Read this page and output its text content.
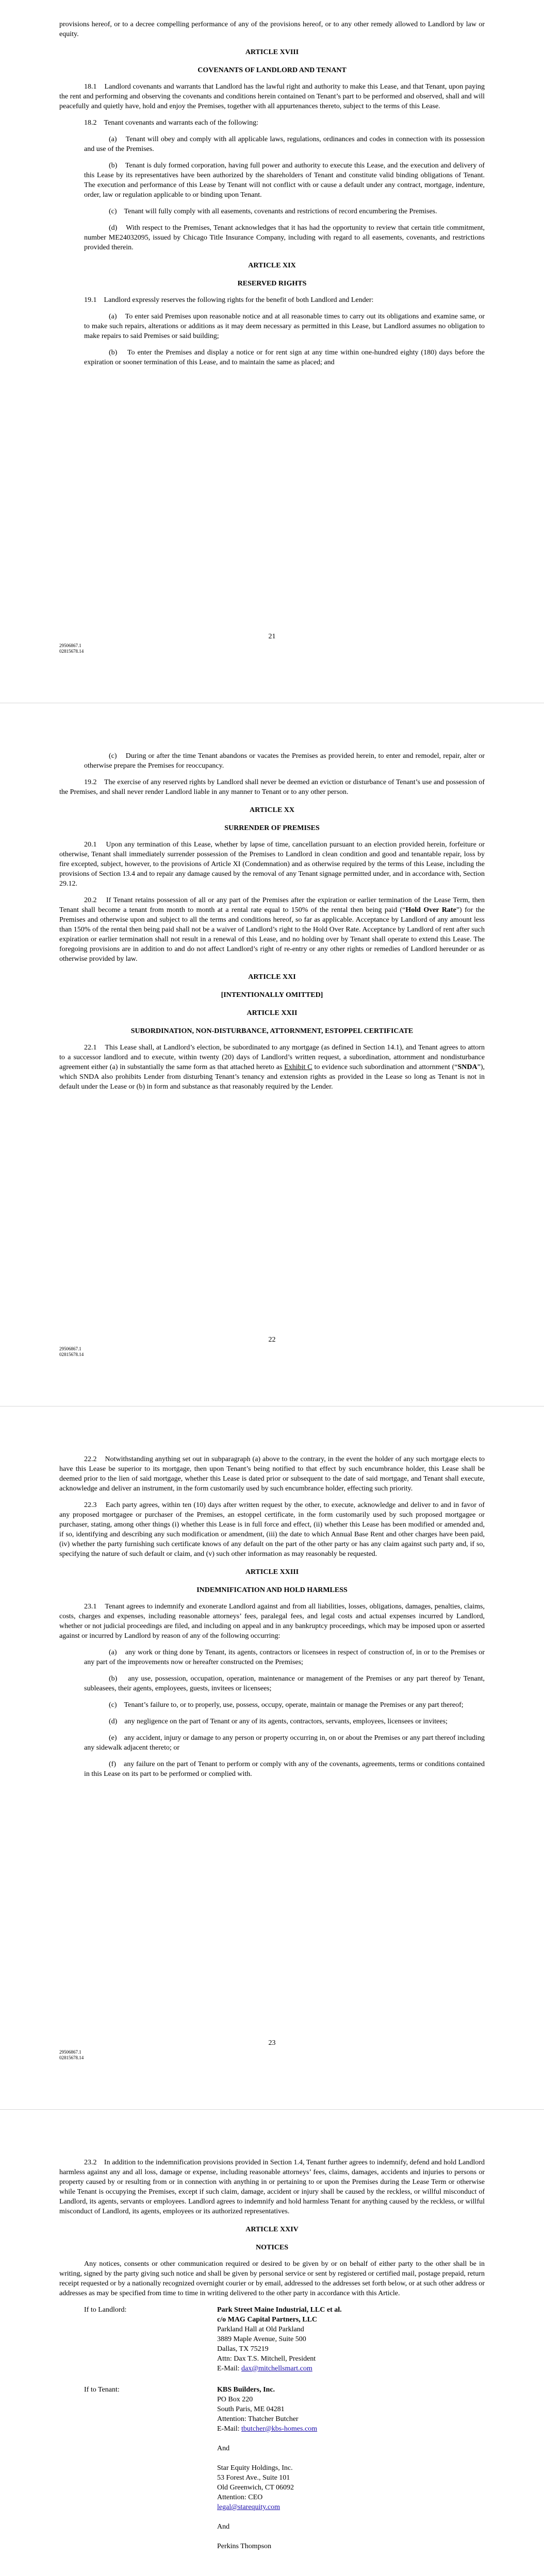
provisions hereof, or to a decree compelling performance of any of the provisions hereof, or to any other remedy allowed to Landlord by law or equity.

ARTICLE XVIII

COVENANTS OF LANDLORD AND TENANT

18.1    Landlord covenants and warrants that Landlord has the lawful right and authority to make this Lease, and that Tenant, upon paying the rent and performing and observing the covenants and conditions herein contained on Tenant’s part to be performed and observed, shall and will peacefully and quietly have, hold and enjoy the Premises, together with all appurtenances thereto, subject to the terms of this Lease.

18.2    Tenant covenants and warrants each of the following:

(a)    Tenant will obey and comply with all applicable laws, regulations, ordinances and codes in connection with its possession and use of the Premises.

(b)    Tenant is duly formed corporation, having full power and authority to execute this Lease, and the execution and delivery of this Lease by its representatives have been authorized by the shareholders of Tenant and constitute valid binding obligations of Tenant. The execution and performance of this Lease by Tenant will not conflict with or cause a default under any contract, mortgage, indenture, order, law or regulation applicable to or binding upon Tenant.

(c)    Tenant will fully comply with all easements, covenants and restrictions of record encumbering the Premises.

(d)    With respect to the Premises, Tenant acknowledges that it has had the opportunity to review that certain title commitment, number ME24032095, issued by Chicago Title Insurance Company, including with regard to all easements, covenants, and restrictions provided therein.

ARTICLE XIX

RESERVED RIGHTS

19.1    Landlord expressly reserves the following rights for the benefit of both Landlord and Lender:

(a)    To enter said Premises upon reasonable notice and at all reasonable times to carry out its obligations and examine same, or to make such repairs, alterations or additions as it may deem necessary as permitted in this Lease, but Landlord assumes no obligation to make repairs to said Premises or said building;

(b)    To enter the Premises and display a notice or for rent sign at any time within one-hundred eighty (180) days before the expiration or sooner termination of this Lease, and to maintain the same as placed; and

21
29506867.1
02815678.14

(c)    During or after the time Tenant abandons or vacates the Premises as provided herein, to enter and remodel, repair, alter or otherwise prepare the Premises for reoccupancy.

19.2    The exercise of any reserved rights by Landlord shall never be deemed an eviction or disturbance of Tenant’s use and possession of the Premises, and shall never render Landlord liable in any manner to Tenant or to any other person.

ARTICLE XX

SURRENDER OF PREMISES

20.1    Upon any termination of this Lease, whether by lapse of time, cancellation pursuant to an election provided herein, forfeiture or otherwise, Tenant shall immediately surrender possession of the Premises to Landlord in clean condition and good and tenantable repair, loss by fire excepted, subject, however, to the provisions of Article XI (Condemnation) and as otherwise required by the terms of this Lease, including the provisions of Section 13.4 and to repair any damage caused by the removal of any Tenant signage permitted under, and in accordance with, Section 29.12.

20.2    If Tenant retains possession of all or any part of the Premises after the expiration or earlier termination of the Lease Term, then Tenant shall become a tenant from month to month at a rental rate equal to 150% of the rental then being paid (“Hold Over Rate”) for the Premises and otherwise upon and subject to all the terms and conditions hereof, so far as applicable. Acceptance by Landlord of any amount less than 150% of the rental then being paid shall not be a waiver of Landlord’s right to the Hold Over Rate. Acceptance by Landlord of rent after such expiration or earlier termination shall not result in a renewal of this Lease, and no holding over by Tenant shall operate to extend this Lease. The foregoing provisions are in addition to and do not affect Landlord’s right of re-entry or any other rights or remedies of Landlord hereunder or as otherwise provided by law.

ARTICLE XXI

[INTENTIONALLY OMITTED]

ARTICLE XXII

SUBORDINATION, NON-DISTURBANCE, ATTORNMENT, ESTOPPEL CERTIFICATE

22.1    This Lease shall, at Landlord’s election, be subordinated to any mortgage (as defined in Section 14.1), and Tenant agrees to attorn to a successor landlord and to execute, within twenty (20) days of Landlord’s written request, a subordination, attornment and nondisturbance agreement either (a) in substantially the same form as that attached hereto as Exhibit C to evidence such subordination and attornment (“SNDA”), which SNDA also prohibits Lender from disturbing Tenant’s tenancy and extension rights as provided in the Lease so long as Tenant is not in default under the Lease or (b) in form and substance as that reasonably required by the Lender.

22
29506867.1
02815678.14

22.2    Notwithstanding anything set out in subparagraph (a) above to the contrary, in the event the holder of any such mortgage elects to have this Lease be superior to its mortgage, then upon Tenant’s being notified to that effect by such encumbrance holder, this Lease shall be deemed prior to the lien of said mortgage, whether this Lease is dated prior or subsequent to the date of said mortgage, and Tenant shall execute, acknowledge and deliver an instrument, in the form customarily used by such encumbrance holder, effecting such priority.

22.3    Each party agrees, within ten (10) days after written request by the other, to execute, acknowledge and deliver to and in favor of any proposed mortgagee or purchaser of the Premises, an estoppel certificate, in the form customarily used by such proposed mortgagee or purchaser, stating, among other things (i) whether this Lease is in full force and effect, (ii) whether this Lease has been modified or amended and, if so, identifying and describing any such modification or amendment, (iii) the date to which Annual Base Rent and other charges have been paid, (iv) whether the party furnishing such certificate knows of any default on the part of the other party or has any claim against such party and, if so, specifying the nature of such default or claim, and (v) such other information as may reasonably be requested.

ARTICLE XXIII

INDEMNIFICATION AND HOLD HARMLESS

23.1    Tenant agrees to indemnify and exonerate Landlord against and from all liabilities, losses, obligations, damages, penalties, claims, costs, charges and expenses, including reasonable attorneys’ fees, paralegal fees, and legal costs and actual expenses incurred by Landlord, whether or not judicial proceedings are filed, and including on appeal and in any bankruptcy proceedings, which may be imposed upon or asserted against or incurred by Landlord by reason of any of the following occurring:

(a)    any work or thing done by Tenant, its agents, contractors or licensees in respect of construction of, in or to the Premises or any part of the improvements now or hereafter constructed on the Premises;

(b)    any use, possession, occupation, operation, maintenance or management of the Premises or any part thereof by Tenant, subleasees, their agents, employees, guests, invitees or licensees;

(c)    Tenant’s failure to, or to properly, use, possess, occupy, operate, maintain or manage the Premises or any part thereof;

(d)    any negligence on the part of Tenant or any of its agents, contractors, servants, employees, licensees or invitees;

(e)    any accident, injury or damage to any person or property occurring in, on or about the Premises or any part thereof including any sidewalk adjacent thereto; or

(f)    any failure on the part of Tenant to perform or comply with any of the covenants, agreements, terms or conditions contained in this Lease on its part to be performed or complied with.

23
29506867.1
02815678.14

23.2    In addition to the indemnification provisions provided in Section 1.4, Tenant further agrees to indemnify, defend and hold Landlord harmless against any and all loss, damage or expense, including reasonable attorneys’ fees, claims, damages, accidents and injuries to persons or property caused by or resulting from or in connection with anything in or pertaining to or upon the Premises during the Lease Term or otherwise while Tenant is occupying the Premises, except if such claim, damage, accident or injury shall be caused by the reckless, or willful misconduct of Landlord, its agents, servants or employees. Landlord agrees to indemnify and hold harmless Tenant for anything caused by the reckless, or willful misconduct of Landlord, its agents, employees or its authorized representatives.

ARTICLE XXIV

NOTICES

Any notices, consents or other communication required or desired to be given by or on behalf of either party to the other shall be in writing, signed by the party giving such notice and shall be given by personal service or sent by registered or certified mail, postage prepaid, return receipt requested or by a nationally recognized overnight courier or by email, addressed to the addresses set forth below, or at such other address or addresses as may be specified from time to time in writing delivered to the other party in accordance with this Article.

If to Landlord:	Park Street Maine Industrial, LLC et al.
c/o MAG Capital Partners, LLC
Parkland Hall at Old Parkland
3889 Maple Avenue, Suite 500
Dallas, TX 75219
Attn: Dax T.S. Mitchell, President
E-Mail: dax@mitchellsmart.com
If to Tenant:	KBS Builders, Inc.
PO Box 220
South Paris, ME 04281
Attention: Thatcher Butcher
E-Mail: tbutcher@kbs-homes.com
And
Star Equity Holdings, Inc.
53 Forest Ave., Suite 101
Old Greenwich, CT 06092
Attention: CEO
legal@starequity.com
And
Perkins Thompson
